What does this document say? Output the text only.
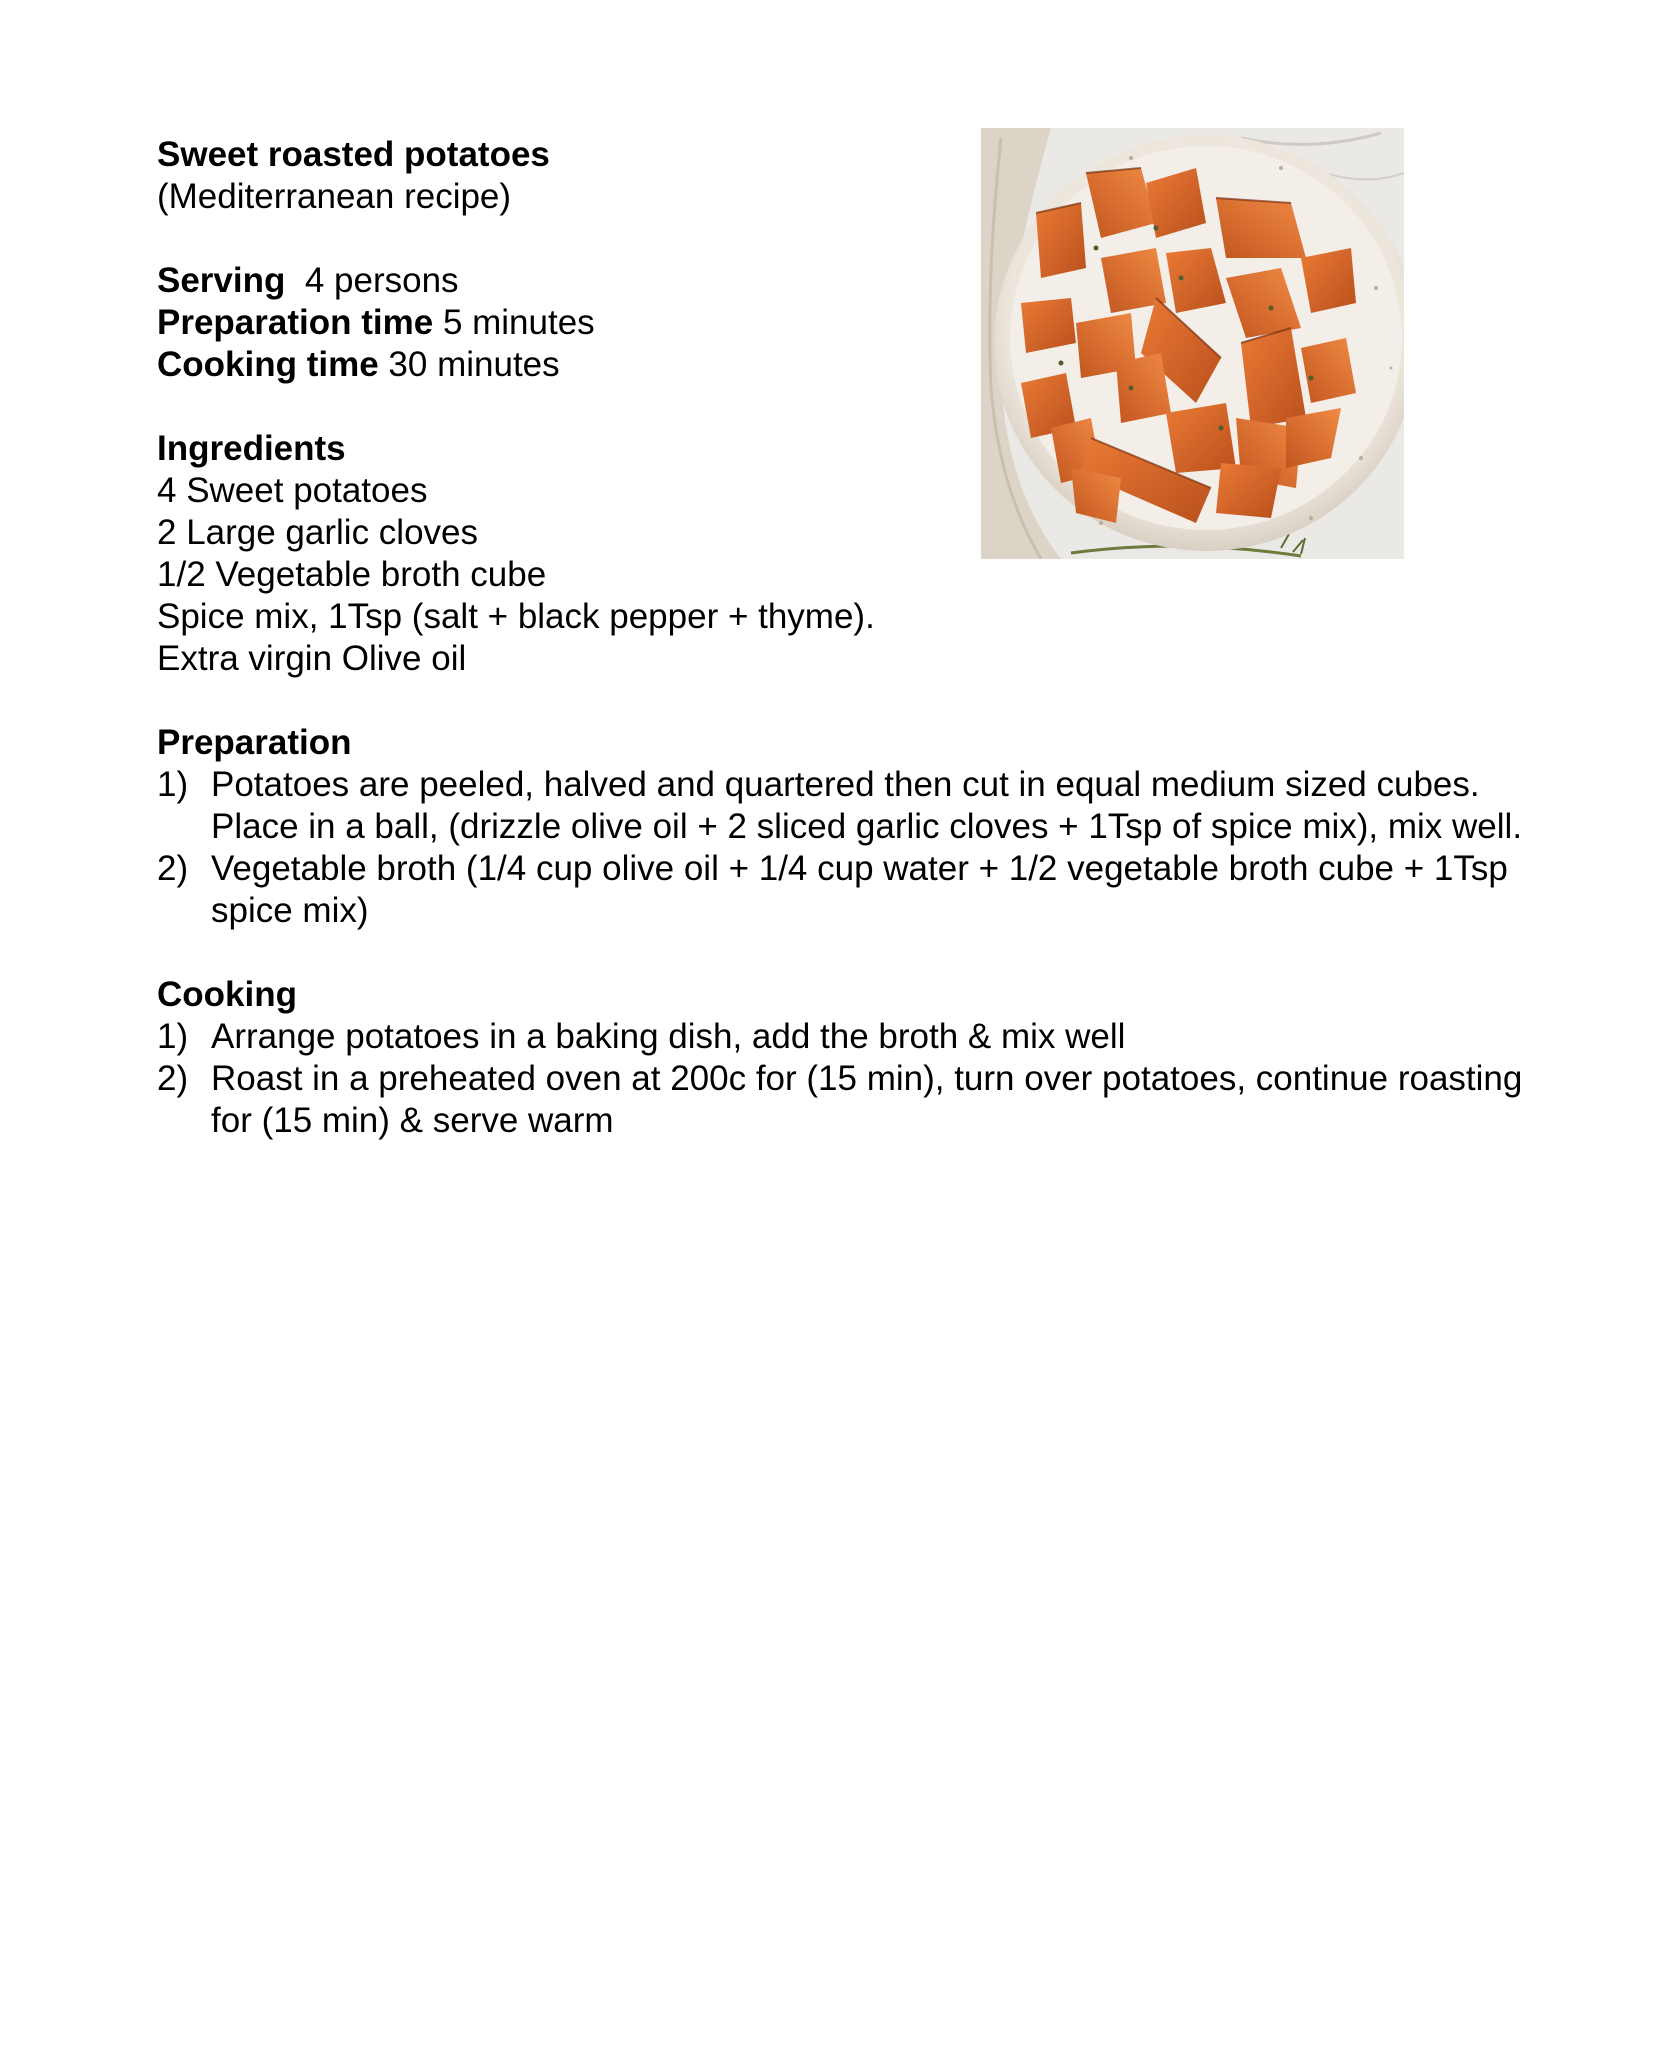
Sweet roasted potatoes
(Mediterranean recipe)
Serving 4 persons
Preparation time 5 minutes
Cooking time 30 minutes
Ingredients
4 Sweet potatoes
2 Large garlic cloves
1/2 Vegetable broth cube
Spice mix, 1Tsp (salt + black pepper + thyme).
Extra virgin Olive oil
Preparation
1) Potatoes are peeled, halved and quartered then cut in equal medium sized cubes. Place in a ball, (drizzle olive oil + 2 sliced garlic cloves + 1Tsp of spice mix), mix well.
2) Vegetable broth (1/4 cup olive oil + 1/4 cup water + 1/2 vegetable broth cube + 1Tsp spice mix)
Cooking
1) Arrange potatoes in a baking dish, add the broth & mix well
2) Roast in a preheated oven at 200c for (15 min), turn over potatoes, continue roasting for (15 min) & serve warm
